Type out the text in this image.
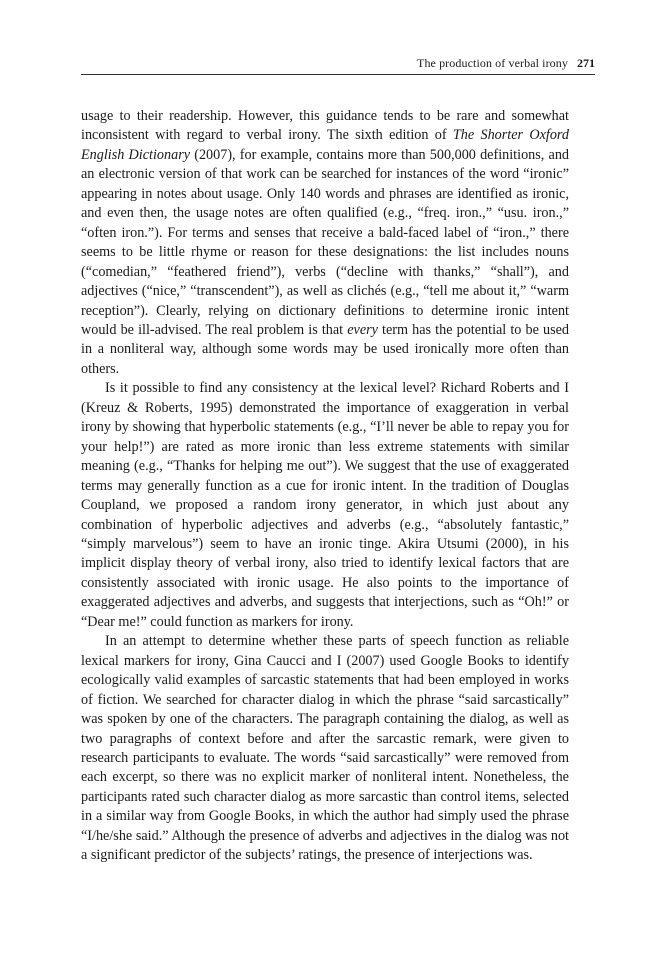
The production of verbal irony 271

usage to their readership. However, this guidance tends to be rare and somewhat inconsistent with regard to verbal irony. The sixth edition of The Shorter Oxford English Dictionary (2007), for example, contains more than 500,000 definitions, and an electronic version of that work can be searched for instances of the word “ironic” appearing in notes about usage. Only 140 words and phrases are identified as ironic, and even then, the usage notes are often qualified (e.g., “freq. iron.,” “usu. iron.,” “often iron.”). For terms and senses that receive a bald-faced label of “iron.,” there seems to be little rhyme or reason for these designations: the list includes nouns (“comedian,” “feathered friend”), verbs (“decline with thanks,” “shall”), and adjectives (“nice,” “transcendent”), as well as clichés (e.g., “tell me about it,” “warm reception”). Clearly, relying on dictionary definitions to determine ironic intent would be ill-advised. The real problem is that every term has the potential to be used in a nonliteral way, although some words may be used ironically more often than others.

Is it possible to find any consistency at the lexical level? Richard Roberts and I (Kreuz & Roberts, 1995) demonstrated the importance of exaggeration in verbal irony by showing that hyperbolic statements (e.g., “I’ll never be able to repay you for your help!”) are rated as more ironic than less extreme statements with similar meaning (e.g., “Thanks for helping me out”). We suggest that the use of exaggerated terms may generally function as a cue for ironic intent. In the tradition of Douglas Coupland, we proposed a random irony generator, in which just about any combination of hyperbolic adjectives and adverbs (e.g., “absolutely fantastic,” “simply marvelous”) seem to have an ironic tinge. Akira Utsumi (2000), in his implicit display theory of verbal irony, also tried to identify lexical factors that are consistently associated with ironic usage. He also points to the importance of exaggerated adjectives and adverbs, and suggests that interjections, such as “Oh!” or “Dear me!” could function as markers for irony.

In an attempt to determine whether these parts of speech function as reliable lexical markers for irony, Gina Caucci and I (2007) used Google Books to identify ecologically valid examples of sarcastic statements that had been employed in works of fiction. We searched for character dialog in which the phrase “said sarcastically” was spoken by one of the characters. The paragraph containing the dialog, as well as two paragraphs of context before and after the sarcastic remark, were given to research participants to evaluate. The words “said sarcastically” were removed from each excerpt, so there was no explicit marker of nonliteral intent. Nonetheless, the participants rated such character dialog as more sarcastic than control items, selected in a similar way from Google Books, in which the author had simply used the phrase “I/he/she said.” Although the presence of adverbs and adjectives in the dialog was not a significant predictor of the subjects’ ratings, the presence of interjections was.
